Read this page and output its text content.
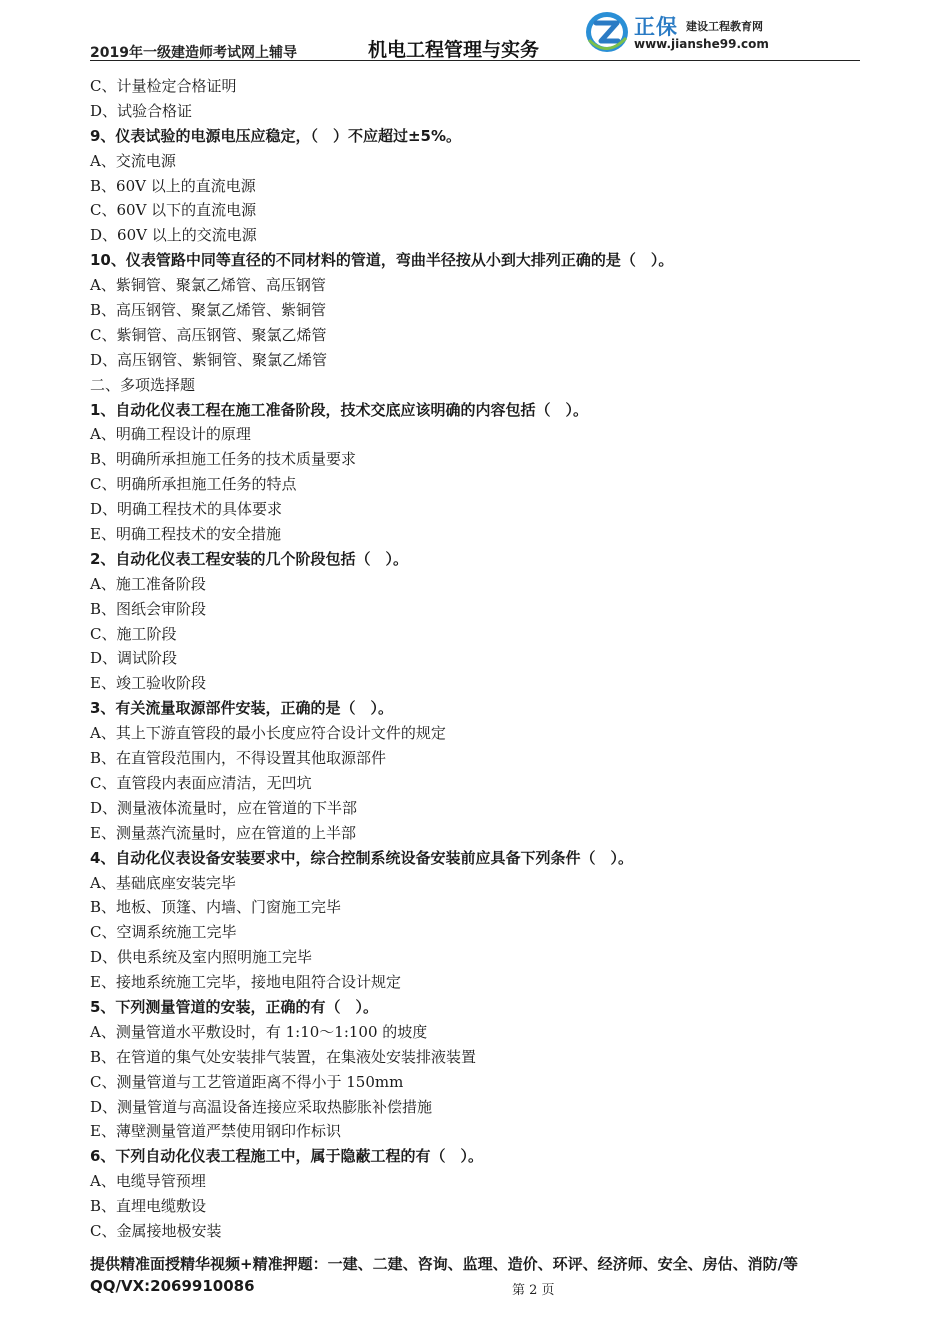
2019年一级建造师考试网上辅导	机电工程管理与实务
正保 建设工程教育网
www.jianshe99.com
C、计量检定合格证明
D、试验合格证
9、仪表试验的电源电压应稳定，（　）不应超过±5%。
A、交流电源
B、60V 以上的直流电源
C、60V 以下的直流电源
D、60V 以上的交流电源
10、仪表管路中同等直径的不同材料的管道，弯曲半径按从小到大排列正确的是（　）。
A、紫铜管、聚氯乙烯管、高压钢管
B、高压钢管、聚氯乙烯管、紫铜管
C、紫铜管、高压钢管、聚氯乙烯管
D、高压钢管、紫铜管、聚氯乙烯管
二、多项选择题
1、自动化仪表工程在施工准备阶段，技术交底应该明确的内容包括（　）。
A、明确工程设计的原理
B、明确所承担施工任务的技术质量要求
C、明确所承担施工任务的特点
D、明确工程技术的具体要求
E、明确工程技术的安全措施
2、自动化仪表工程安装的几个阶段包括（　）。
A、施工准备阶段
B、图纸会审阶段
C、施工阶段
D、调试阶段
E、竣工验收阶段
3、有关流量取源部件安装，正确的是（　）。
A、其上下游直管段的最小长度应符合设计文件的规定
B、在直管段范围内，不得设置其他取源部件
C、直管段内表面应清洁，无凹坑
D、测量液体流量时，应在管道的下半部
E、测量蒸汽流量时，应在管道的上半部
4、自动化仪表设备安装要求中，综合控制系统设备安装前应具备下列条件（　）。
A、基础底座安装完毕
B、地板、顶篷、内墙、门窗施工完毕
C、空调系统施工完毕
D、供电系统及室内照明施工完毕
E、接地系统施工完毕，接地电阻符合设计规定
5、下列测量管道的安装，正确的有（　）。
A、测量管道水平敷设时，有 1:10～1:100 的坡度
B、在管道的集气处安装排气装置，在集液处安装排液装置
C、测量管道与工艺管道距离不得小于 150mm
D、测量管道与高温设备连接应采取热膨胀补偿措施
E、薄壁测量管道严禁使用钢印作标识
6、下列自动化仪表工程施工中，属于隐蔽工程的有（　）。
A、电缆导管预埋
B、直埋电缆敷设
C、金属接地极安装
提供精准面授精华视频+精准押题：一建、二建、咨询、监理、造价、环评、经济师、安全、房估、消防/等
QQ/VX:2069910086	第 2 页
